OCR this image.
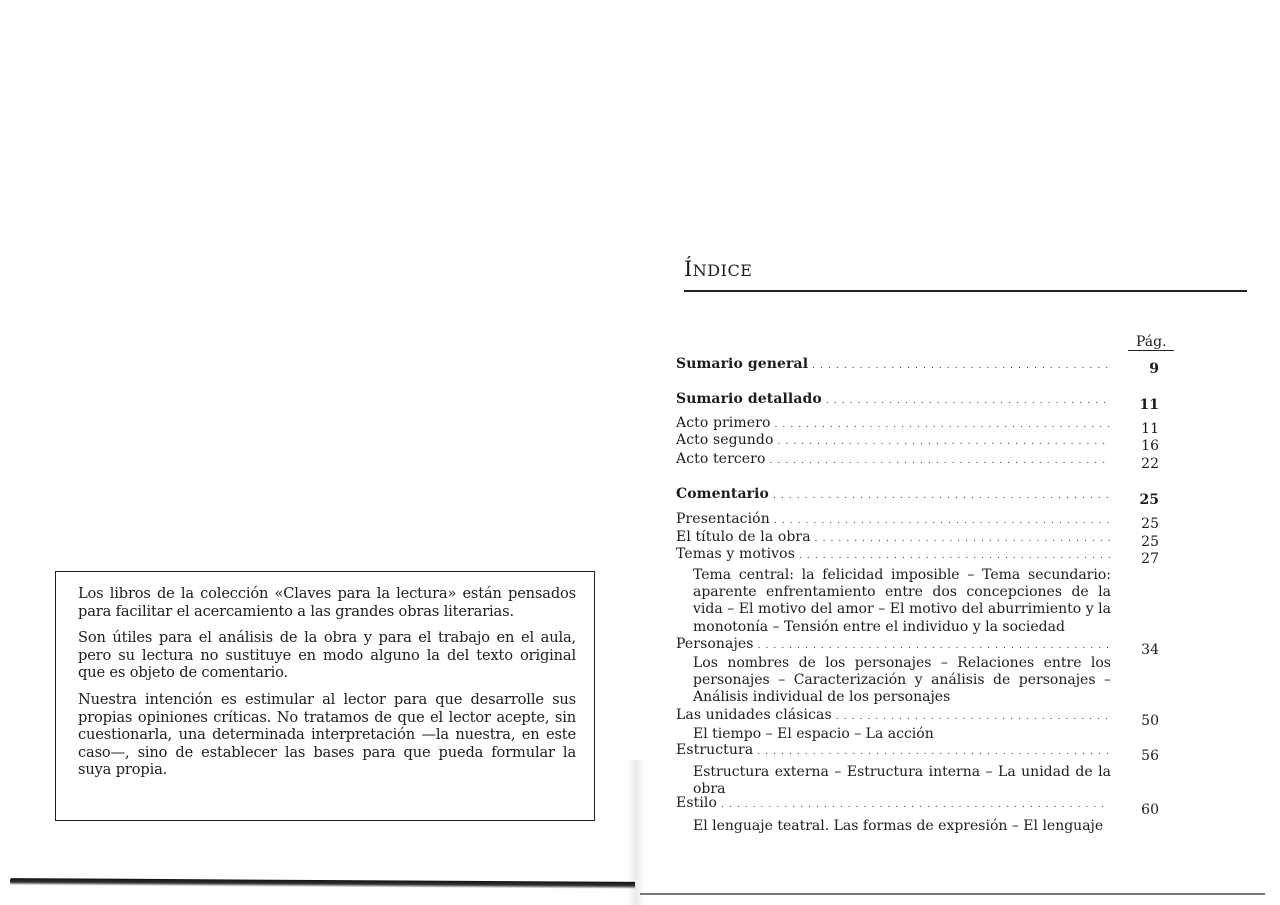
Los libros de la colección «Claves para la lectura» están pensados para facilitar el acercamiento a las grandes obras literarias.

Son útiles para el análisis de la obra y para el trabajo en el aula, pero su lectura no sustituye en modo alguno la del texto original que es objeto de comentario.

Nuestra intención es estimular al lector para que desarrolle sus propias opiniones críticas. No tratamos de que el lector acepte, sin cuestionarla, una determinada interpretación —la nuestra, en este caso—, sino de establecer las bases para que pueda formular la suya propia.

ÍNDICE
Pág.
Sumario general . . .	9
Sumario detallado . . .	11
Acto primero . . .	11
Acto segundo . . .	16
Acto tercero . . .	22
Comentario . . .	25
Presentación . . .	25
El título de la obra . . .	25
Temas y motivos . . .	27
Tema central: la felicidad imposible – Tema secundario: aparente enfrentamiento entre dos concepciones de la vida – El motivo del amor – El motivo del aburrimiento y la monotonía – Tensión entre el individuo y la sociedad
Personajes . . .	34
Los nombres de los personajes – Relaciones entre los personajes – Caracterización y análisis de personajes – Análisis individual de los personajes
Las unidades clásicas . . .	50
El tiempo – El espacio – La acción
Estructura . . .	56
Estructura externa – Estructura interna – La unidad de la obra
Estilo . . .	60
El lenguaje teatral. Las formas de expresión – El lenguaje
